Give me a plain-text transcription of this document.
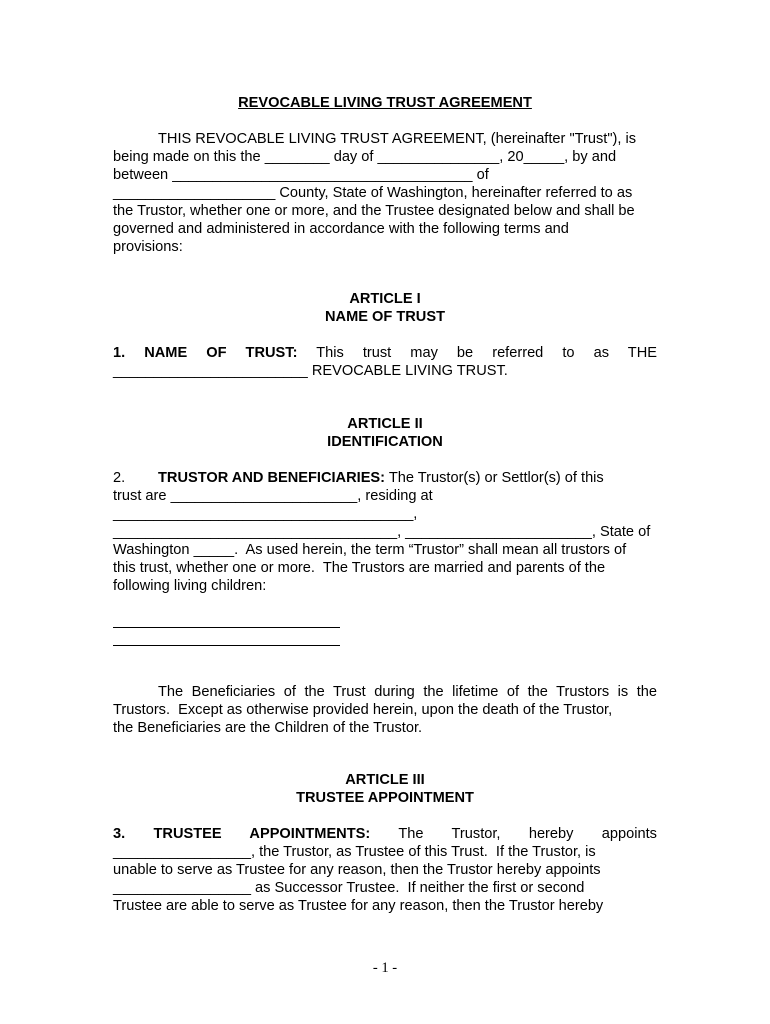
REVOCABLE LIVING TRUST AGREEMENT
THIS REVOCABLE LIVING TRUST AGREEMENT, (hereinafter "Trust"), is
being made on this the ________ day of _______________, 20_____, by and
between _____________________________________ of
____________________ County, State of Washington, hereinafter referred to as
the Trustor, whether one or more, and the Trustee designated below and shall be
governed and administered in accordance with the following terms and
provisions:
ARTICLE I
NAME OF TRUST
1. NAME OF TRUST: This trust may be referred to as THE
________________________ REVOCABLE LIVING TRUST.
ARTICLE II
IDENTIFICATION
2. TRUSTOR AND BENEFICIARIES: The Trustor(s) or Settlor(s) of this
trust are _______________________, residing at
_____________________________________,
___________________________________, _______________________, State of
Washington _____.  As used herein, the term “Trustor” shall mean all trustors of
this trust, whether one or more.  The Trustors are married and parents of the
following living children:
The Beneficiaries of the Trust during the lifetime of the Trustors is the
Trustors.  Except as otherwise provided herein, upon the death of the Trustor,
the Beneficiaries are the Children of the Trustor.
ARTICLE III
TRUSTEE APPOINTMENT
3. TRUSTEE APPOINTMENTS: The Trustor, hereby appoints
_________________, the Trustor, as Trustee of this Trust.  If the Trustor, is
unable to serve as Trustee for any reason, then the Trustor hereby appoints
_________________ as Successor Trustee.  If neither the first or second
Trustee are able to serve as Trustee for any reason, then the Trustor hereby
- 1 -
